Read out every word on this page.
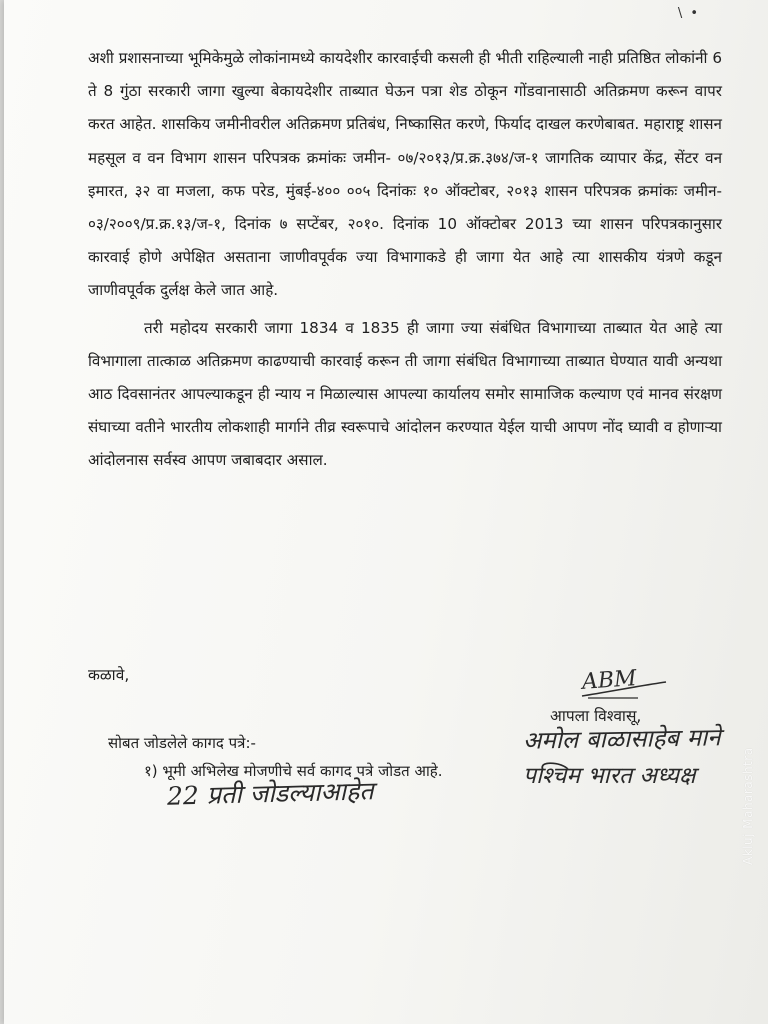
\ •

अशी प्रशासनाच्या भूमिकेमुळे लोकांनामध्ये कायदेशीर कारवाईची कसली ही भीती राहिल्याली नाही प्रतिष्ठित लोकांनी 6 ते 8 गुंठा सरकारी जागा खुल्या बेकायदेशीर ताब्यात घेऊन पत्रा शेड ठोकून गोंडवानासाठी अतिक्रमण करून वापर करत आहेत. शासकिय जमीनीवरील अतिक्रमण प्रतिबंध, निष्कासित करणे, फिर्याद दाखल करणेबाबत. महाराष्ट्र शासन महसूल व वन विभाग शासन परिपत्रक क्रमांकः जमीन- ०७/२०१३/प्र.क्र.३७४/ज-१ जागतिक व्यापार केंद्र, सेंटर वन इमारत, ३२ वा मजला, कफ परेड, मुंबई-४०० ००५ दिनांकः १० ऑक्टोबर, २०१३ शासन परिपत्रक क्रमांकः जमीन- ०३/२००९/प्र.क्र.१३/ज-१, दिनांक ७ सप्टेंबर, २०१०. दिनांक 10 ऑक्टोबर 2013 च्या शासन परिपत्रकानुसार कारवाई होणे अपेक्षित असताना जाणीवपूर्वक ज्या विभागाकडे ही जागा येत आहे त्या शासकीय यंत्रणे कडून जाणीवपूर्वक दुर्लक्ष केले जात आहे.

तरी महोदय सरकारी जागा 1834 व 1835 ही जागा ज्या संबंधित विभागाच्या ताब्यात येत आहे त्या विभागाला तात्काळ अतिक्रमण काढण्याची कारवाई करून ती जागा संबंधित विभागाच्या ताब्यात घेण्यात यावी अन्यथा आठ दिवसानंतर आपल्याकडून ही न्याय न मिळाल्यास आपल्या कार्यालय समोर सामाजिक कल्याण एवं मानव संरक्षण संघाच्या वतीने भारतीय लोकशाही मार्गाने तीव्र स्वरूपाचे आंदोलन करण्यात येईल याची आपण नोंद घ्यावी व होणाऱ्या आंदोलनास सर्वस्व आपण जबाबदार असाल.

कळावे,	ABM
आपला विश्वासू,
अमोल बाळासाहेब माने
पश्चिम भारत अध्यक्ष
सोबत जोडलेले कागद पत्रे:-
१) भूमी अभिलेख मोजणीचे सर्व कागद पत्रे जोडत आहे.
22 प्रती जोडल्याआहेत	Akluj Maharashtra
